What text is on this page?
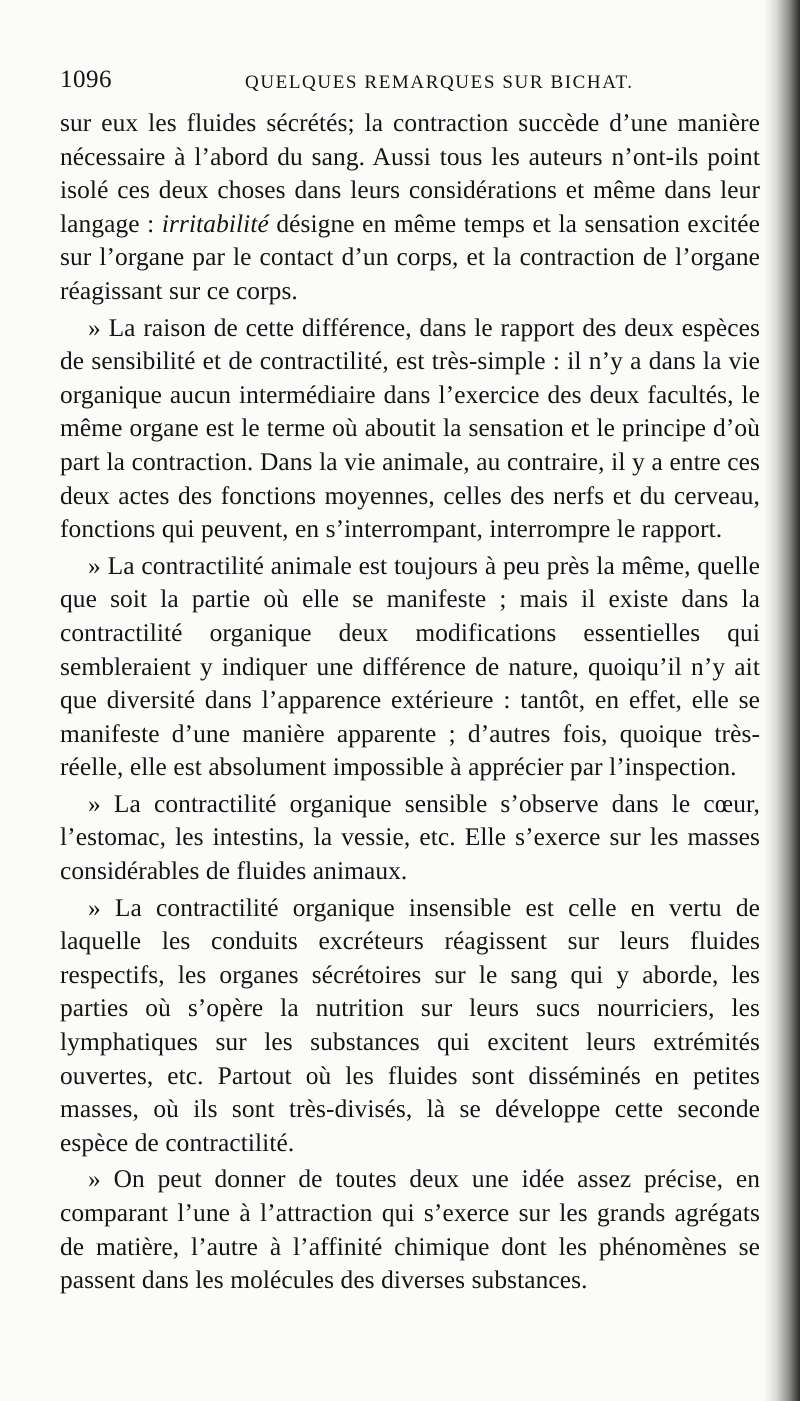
1096	QUELQUES REMARQUES SUR BICHAT.

sur eux les fluides sécrétés; la contraction succède d’une manière nécessaire à l’abord du sang. Aussi tous les auteurs n’ont-ils point isolé ces deux choses dans leurs considérations et même dans leur langage : irritabilité désigne en même temps et la sensation excitée sur l’organe par le contact d’un corps, et la contraction de l’organe réagissant sur ce corps.

» La raison de cette différence, dans le rapport des deux espèces de sensibilité et de contractilité, est très-simple : il n’y a dans la vie organique aucun intermédiaire dans l’exercice des deux facultés, le même organe est le terme où aboutit la sensation et le principe d’où part la contraction. Dans la vie animale, au contraire, il y a entre ces deux actes des fonctions moyennes, celles des nerfs et du cerveau, fonctions qui peuvent, en s’interrompant, interrompre le rapport.

» La contractilité animale est toujours à peu près la même, quelle que soit la partie où elle se manifeste ; mais il existe dans la contractilité organique deux modifications essentielles qui sembleraient y indiquer une différence de nature, quoiqu’il n’y ait que diversité dans l’apparence extérieure : tantôt, en effet, elle se manifeste d’une manière apparente ; d’autres fois, quoique très-réelle, elle est absolument impossible à apprécier par l’inspection.

» La contractilité organique sensible s’observe dans le cœur, l’estomac, les intestins, la vessie, etc. Elle s’exerce sur les masses considérables de fluides animaux.

» La contractilité organique insensible est celle en vertu de laquelle les conduits excréteurs réagissent sur leurs fluides respectifs, les organes sécrétoires sur le sang qui y aborde, les parties où s’opère la nutrition sur leurs sucs nourriciers, les lymphatiques sur les substances qui excitent leurs extrémités ouvertes, etc. Partout où les fluides sont disséminés en petites masses, où ils sont très-divisés, là se développe cette seconde espèce de contractilité.

» On peut donner de toutes deux une idée assez précise, en comparant l’une à l’attraction qui s’exerce sur les grands agrégats de matière, l’autre à l’affinité chimique dont les phénomènes se passent dans les molécules des diverses substances.
